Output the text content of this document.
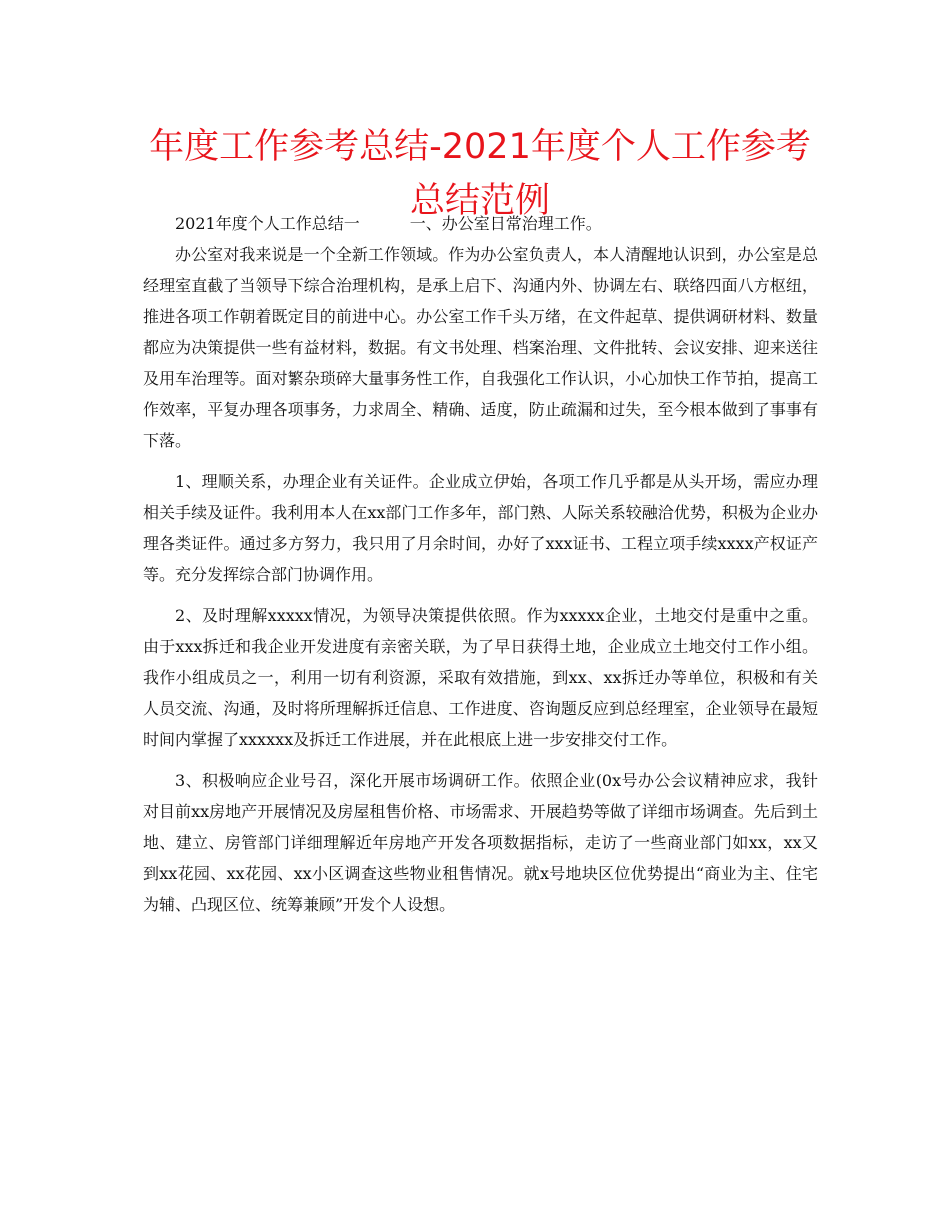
年度工作参考总结-2021年度个人工作参考总结范例

2021年度个人工作总结一	一、办公室日常治理工作。

办公室对我来说是一个全新工作领域。作为办公室负责人，本人清醒地认识到，办公室是总经理室直截了当领导下综合治理机构，是承上启下、沟通内外、协调左右、联络四面八方枢纽，推进各项工作朝着既定目的前进中心。办公室工作千头万绪，在文件起草、提供调研材料、数量都应为决策提供一些有益材料，数据。有文书处理、档案治理、文件批转、会议安排、迎来送往及用车治理等。面对繁杂琐碎大量事务性工作，自我强化工作认识，小心加快工作节拍，提高工作效率，平复办理各项事务，力求周全、精确、适度，防止疏漏和过失，至今根本做到了事事有下落。

1、理顺关系，办理企业有关证件。企业成立伊始，各项工作几乎都是从头开场，需应办理相关手续及证件。我利用本人在xx部门工作多年，部门熟、人际关系较融洽优势，积极为企业办理各类证件。通过多方努力，我只用了月余时间，办好了xxx证书、工程立项手续xxxx产权证产等。充分发挥综合部门协调作用。

2、及时理解xxxxx情况，为领导决策提供依照。作为xxxxx企业，土地交付是重中之重。由于xxx拆迁和我企业开发进度有亲密关联，为了早日获得土地，企业成立土地交付工作小组。我作小组成员之一，利用一切有利资源，采取有效措施，到xx、xx拆迁办等单位，积极和有关人员交流、沟通，及时将所理解拆迁信息、工作进度、咨询题反应到总经理室，企业领导在最短时间内掌握了xxxxxx及拆迁工作进展，并在此根底上进一步安排交付工作。

3、积极响应企业号召，深化开展市场调研工作。依照企业(0x号办公会议精神应求，我针对目前xx房地产开展情况及房屋租售价格、市场需求、开展趋势等做了详细市场调查。先后到土地、建立、房管部门详细理解近年房地产开发各项数据指标，走访了一些商业部门如xx，xx又到xx花园、xx花园、xx小区调查这些物业租售情况。就x号地块区位优势提出“商业为主、住宅为辅、凸现区位、统筹兼顾”开发个人设想。
